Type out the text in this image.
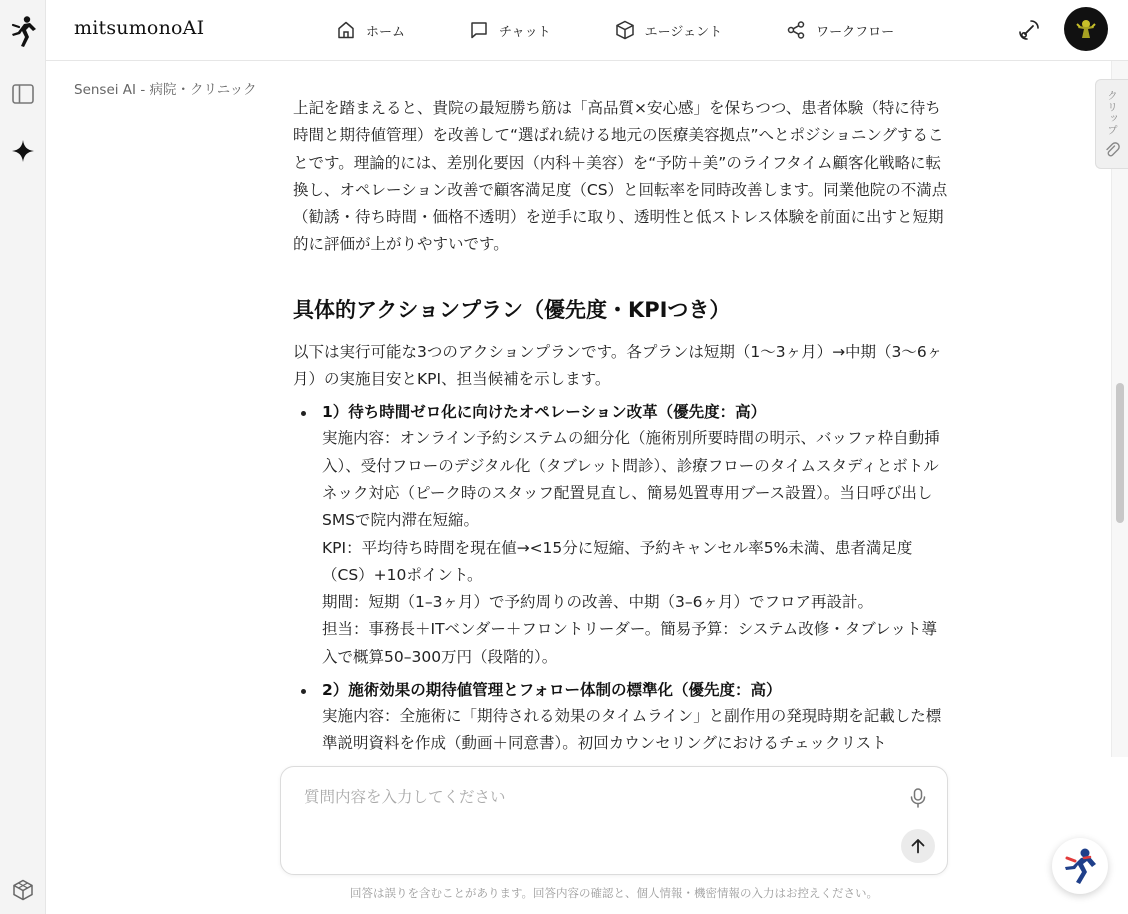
mitsumonoAI	ホーム	チャット	エージェント	ワークフロー
Sensei AI - 病院・クリニック

上記を踏まえると、貴院の最短勝ち筋は「高品質×安心感」を保ちつつ、患者体験（特に待ち時間と期待値管理）を改善して“選ばれ続ける地元の医療美容拠点”へとポジショニングすることです。理論的には、差別化要因（内科＋美容）を“予防＋美”のライフタイム顧客化戦略に転換し、オペレーション改善で顧客満足度（CS）と回転率を同時改善します。同業他院の不満点（勧誘・待ち時間・価格不透明）を逆手に取り、透明性と低ストレス体験を前面に出すと短期的に評価が上がりやすいです。

具体的アクションプラン（優先度・KPIつき）

以下は実行可能な3つのアクションプランです。各プランは短期（1〜3ヶ月）→中期（3〜6ヶ月）の実施目安とKPI、担当候補を示します。

1）待ち時間ゼロ化に向けたオペレーション改革（優先度：高）
実施内容：オンライン予約システムの細分化（施術別所要時間の明示、バッファ枠自動挿入）、受付フローのデジタル化（タブレット問診）、診療フローのタイムスタディとボトルネック対応（ピーク時のスタッフ配置見直し、簡易処置専用ブース設置）。当日呼び出しSMSで院内滞在短縮。
KPI：平均待ち時間を現在値→<15分に短縮、予約キャンセル率5%未満、患者満足度（CS）+10ポイント。
期間：短期（1–3ヶ月）で予約周りの改善、中期（3–6ヶ月）でフロア再設計。
担当：事務長＋ITベンダー＋フロントリーダー。簡易予算：システム改修・タブレット導入で概算50–300万円（段階的）。
2）施術効果の期待値管理とフォロー体制の標準化（優先度：高）
実施内容：全施術に「期待される効果のタイムライン」と副作用の発現時期を記載した標準説明資料を作成（動画＋同意書）。初回カウンセリングにおけるチェックリスト
クリップ
質問内容を入力してください
回答は誤りを含むことがあります。回答内容の確認と、個人情報・機密情報の入力はお控えください。
